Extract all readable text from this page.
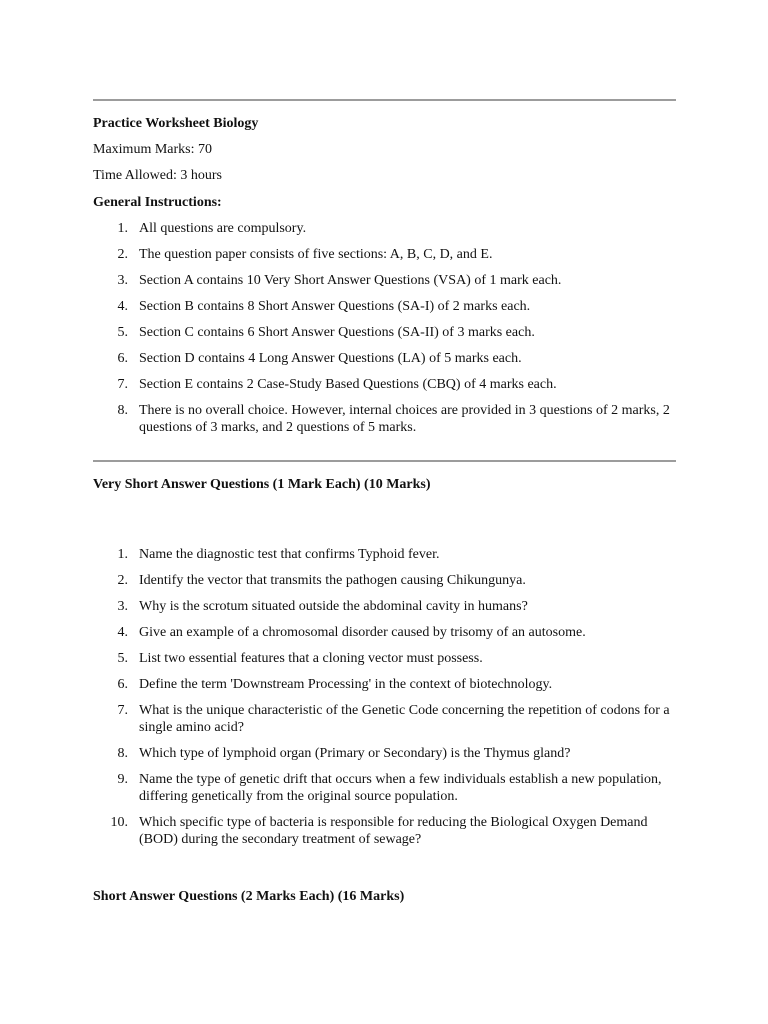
Practice Worksheet Biology
Maximum Marks: 70
Time Allowed: 3 hours
General Instructions:
1. All questions are compulsory.
2. The question paper consists of five sections: A, B, C, D, and E.
3. Section A contains 10 Very Short Answer Questions (VSA) of 1 mark each.
4. Section B contains 8 Short Answer Questions (SA-I) of 2 marks each.
5. Section C contains 6 Short Answer Questions (SA-II) of 3 marks each.
6. Section D contains 4 Long Answer Questions (LA) of 5 marks each.
7. Section E contains 2 Case-Study Based Questions (CBQ) of 4 marks each.
8. There is no overall choice. However, internal choices are provided in 3 questions of 2 marks, 2 questions of 3 marks, and 2 questions of 5 marks.
Very Short Answer Questions (1 Mark Each) (10 Marks)
1. Name the diagnostic test that confirms Typhoid fever.
2. Identify the vector that transmits the pathogen causing Chikungunya.
3. Why is the scrotum situated outside the abdominal cavity in humans?
4. Give an example of a chromosomal disorder caused by trisomy of an autosome.
5. List two essential features that a cloning vector must possess.
6. Define the term 'Downstream Processing' in the context of biotechnology.
7. What is the unique characteristic of the Genetic Code concerning the repetition of codons for a single amino acid?
8. Which type of lymphoid organ (Primary or Secondary) is the Thymus gland?
9. Name the type of genetic drift that occurs when a few individuals establish a new population, differing genetically from the original source population.
10. Which specific type of bacteria is responsible for reducing the Biological Oxygen Demand (BOD) during the secondary treatment of sewage?
Short Answer Questions (2 Marks Each) (16 Marks)
